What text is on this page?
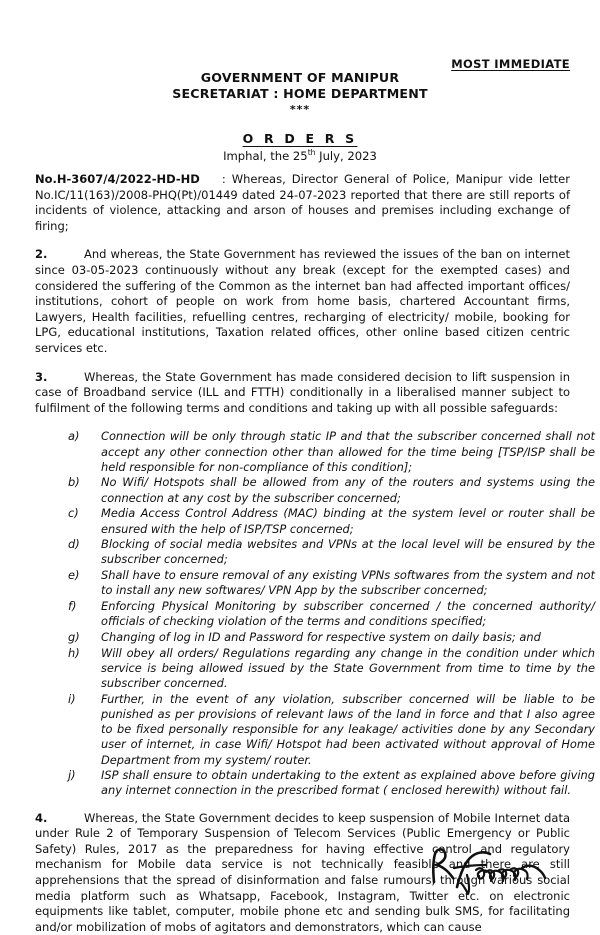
MOST IMMEDIATE
GOVERNMENT OF MANIPUR
SECRETARIAT : HOME DEPARTMENT
***
O R D E R S
Imphal, the 25th July, 2023

No.H-3607/4/2022-HD-HD : Whereas, Director General of Police, Manipur vide letter No.IC/11(163)/2008-PHQ(Pt)/01449 dated 24-07-2023 reported that there are still reports of incidents of violence, attacking and arson of houses and premises including exchange of firing;

2.	And whereas, the State Government has reviewed the issues of the ban on internet since 03-05-2023 continuously without any break (except for the exempted cases) and considered the suffering of the Common as the internet ban had affected important offices/ institutions, cohort of people on work from home basis, chartered Accountant firms, Lawyers, Health facilities, refuelling centres, recharging of electricity/ mobile, booking for LPG, educational institutions, Taxation related offices, other online based citizen centric services etc.

3.	Whereas, the State Government has made considered decision to lift suspension in case of Broadband service (ILL and FTTH) conditionally in a liberalised manner subject to fulfilment of the following terms and conditions and taking up with all possible safeguards:

a)	Connection will be only through static IP and that the subscriber concerned shall not accept any other connection other than allowed for the time being [TSP/ISP shall be held responsible for non-compliance of this condition];
b)	No Wifi/ Hotspots shall be allowed from any of the routers and systems using the connection at any cost by the subscriber concerned;
c)	Media Access Control Address (MAC) binding at the system level or router shall be ensured with the help of ISP/TSP concerned;
d)	Blocking of social media websites and VPNs at the local level will be ensured by the subscriber concerned;
e)	Shall have to ensure removal of any existing VPNs softwares from the system and not to install any new softwares/ VPN App by the subscriber concerned;
f)	Enforcing Physical Monitoring by subscriber concerned / the concerned authority/ officials of checking violation of the terms and conditions specified;
g)	Changing of log in ID and Password for respective system on daily basis; and
h)	Will obey all orders/ Regulations regarding any change in the condition under which service is being allowed issued by the State Government from time to time by the subscriber concerned.
i)	Further, in the event of any violation, subscriber concerned will be liable to be punished as per provisions of relevant laws of the land in force and that I also agree to be fixed personally responsible for any leakage/ activities done by any Secondary user of internet, in case Wifi/ Hotspot had been activated without approval of Home Department from my system/ router.
j)	ISP shall ensure to obtain undertaking to the extent as explained above before giving any internet connection in the prescribed format ( enclosed herewith) without fail.

4.	Whereas, the State Government decides to keep suspension of Mobile Internet data under Rule 2 of Temporary Suspension of Telecom Services (Public Emergency or Public Safety) Rules, 2017 as the preparedness for having effective control and regulatory mechanism for Mobile data service is not technically feasible and there are still apprehensions that the spread of disinformation and false rumours, through various social media platform such as Whatsapp, Facebook, Instagram, Twitter etc. on electronic equipments like tablet, computer, mobile phone etc and sending bulk SMS, for facilitating and/or mobilization of mobs of agitators and demonstrators, which can cause
